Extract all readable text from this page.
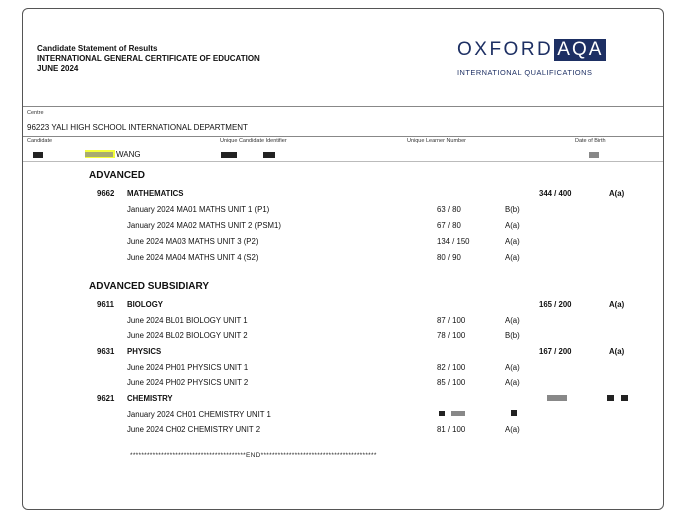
Candidate Statement of Results
INTERNATIONAL GENERAL CERTIFICATE OF EDUCATION
JUNE 2024
OXFORD AQA
INTERNATIONAL QUALIFICATIONS
Centre
96223 YALI HIGH SCHOOL INTERNATIONAL DEPARTMENT
Candidate	Unique Candidate Identifier	Unique Learner Number	Date of Birth
WANG
ADVANCED
9662 MATHEMATICS	344 / 400	A(a)
January 2024 MA01 MATHS UNIT 1 (P1)	63 / 80	B(b)
January 2024 MA02 MATHS UNIT 2 (PSM1)	67 / 80	A(a)
June 2024 MA03 MATHS UNIT 3 (P2)	134 / 150	A(a)
June 2024 MA04 MATHS UNIT 4 (S2)	80 / 90	A(a)
ADVANCED SUBSIDIARY
9611 BIOLOGY	165 / 200	A(a)
June 2024 BL01 BIOLOGY UNIT 1	87 / 100	A(a)
June 2024 BL02 BIOLOGY UNIT 2	78 / 100	B(b)
9631 PHYSICS	167 / 200	A(a)
June 2024 PH01 PHYSICS UNIT 1	82 / 100	A(a)
June 2024 PH02 PHYSICS UNIT 2	85 / 100	A(a)
9621 CHEMISTRY
January 2024 CH01 CHEMISTRY UNIT 1
June 2024 CH02 CHEMISTRY UNIT 2	81 / 100	A(a)
*****************************************END*****************************************
